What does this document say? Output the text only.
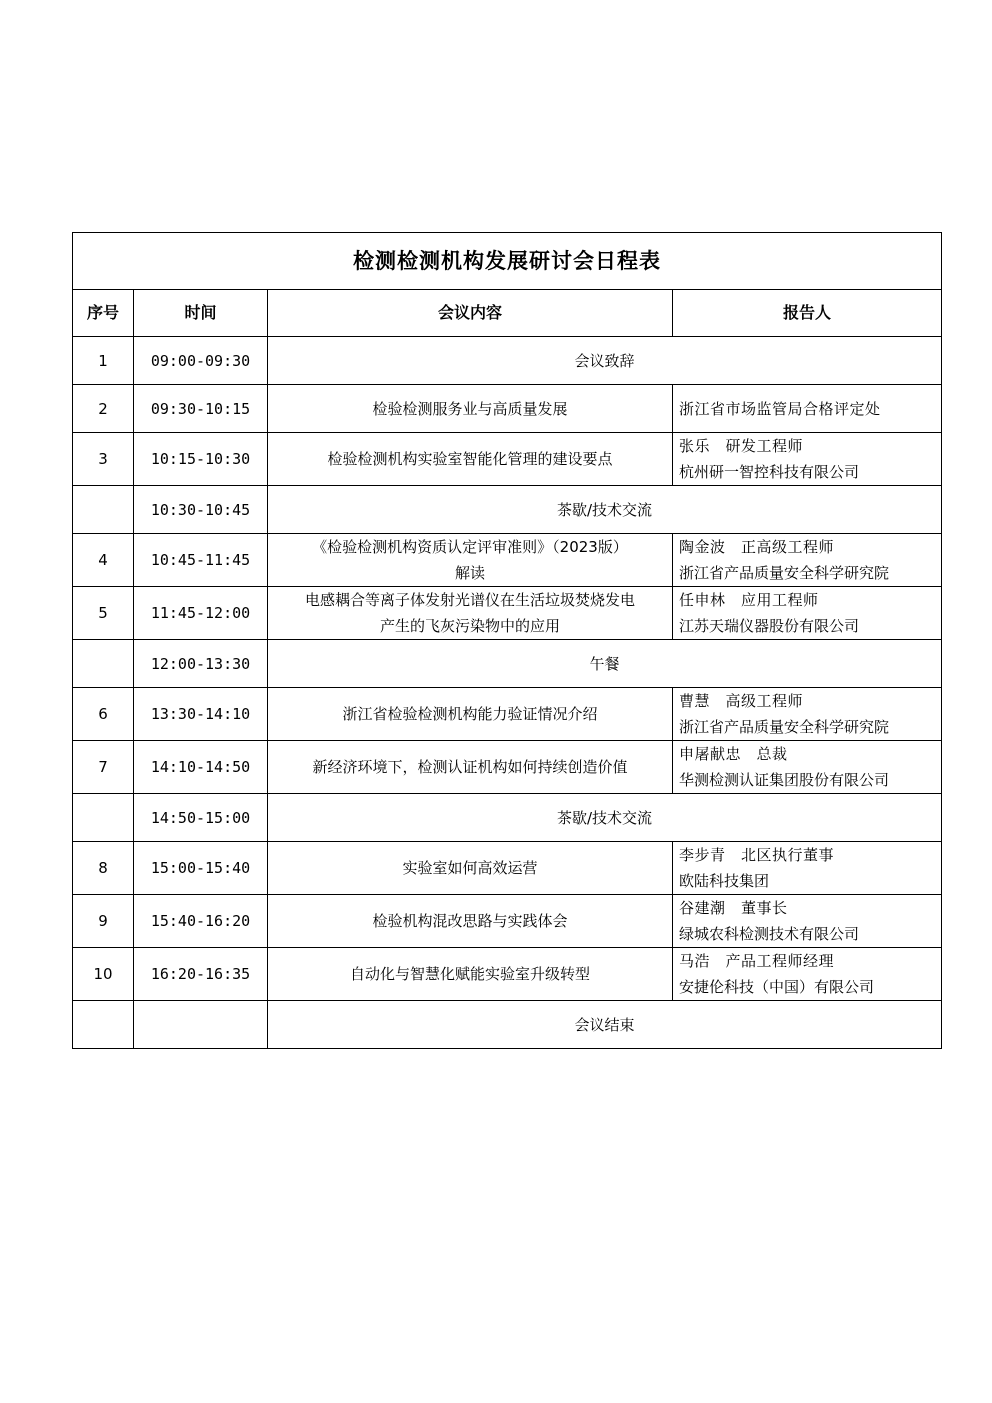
检测检测机构发展研讨会日程表			
序号	时间	会议内容	报告人
1	09:00-09:30	会议致辞	
2	09:30-10:15	检验检测服务业与高质量发展	浙江省市场监管局合格评定处

3	10:15-10:30	检验检测机构实验室智能化管理的建设要点	张乐　研发工程师
杭州研一智控科技有限公司

	10:30-10:45	茶歇/技术交流	
4	10:45-11:45	《检验检测机构资质认定评审准则》（2023版）
解读	陶金波　正高级工程师
浙江省产品质量安全科学研究院

5	11:45-12:00	电感耦合等离子体发射光谱仪在生活垃圾焚烧发电
产生的飞灰污染物中的应用	任申林　应用工程师
江苏天瑞仪器股份有限公司

	12:00-13:30	午餐	
6	13:30-14:10	浙江省检验检测机构能力验证情况介绍	曹慧　高级工程师
浙江省产品质量安全科学研究院

7	14:10-14:50	新经济环境下，检测认证机构如何持续创造价值	申屠献忠　总裁
华测检测认证集团股份有限公司

	14:50-15:00	茶歇/技术交流	
8	15:00-15:40	实验室如何高效运营	李步青　北区执行董事
欧陆科技集团

9	15:40-16:20	检验机构混改思路与实践体会	谷建潮　董事长
绿城农科检测技术有限公司

10	16:20-16:35	自动化与智慧化赋能实验室升级转型	马浩　产品工程师经理
安捷伦科技（中国）有限公司

		会议结束	
